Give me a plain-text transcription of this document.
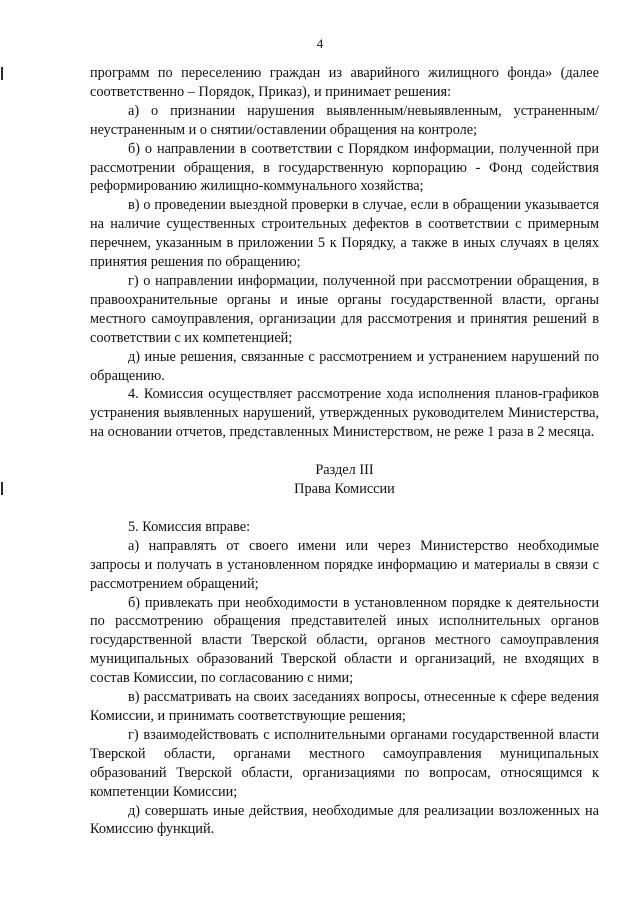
4

программ по переселению граждан из аварийного жилищного фонда» (далее соответственно – Порядок, Приказ), и принимает решения:

а) о признании нарушения выявленным/невыявленным, устраненным/неустраненным и о снятии/оставлении обращения на контроле;

б) о направлении в соответствии с Порядком информации, полученной при рассмотрении обращения, в государственную корпорацию - Фонд содействия реформированию жилищно-коммунального хозяйства;

в) о проведении выездной проверки в случае, если в обращении указывается на наличие существенных строительных дефектов в соответствии с примерным перечнем, указанным в приложении 5 к Порядку, а также в иных случаях в целях принятия решения по обращению;

г) о направлении информации, полученной при рассмотрении обращения, в правоохранительные органы и иные органы государственной власти, органы местного самоуправления, организации для рассмотрения и принятия решений в соответствии с их компетенцией;

д) иные решения, связанные с рассмотрением и устранением нарушений по обращению.

4. Комиссия осуществляет рассмотрение хода исполнения планов-графиков устранения выявленных нарушений, утвержденных руководителем Министерства, на основании отчетов, представленных Министерством, не реже 1 раза в 2 месяца.

Раздел III

Права Комиссии

5. Комиссия вправе:

а) направлять от своего имени или через Министерство необходимые запросы и получать в установленном порядке информацию и материалы в связи с рассмотрением обращений;

б) привлекать при необходимости в установленном порядке к деятельности по рассмотрению обращения представителей иных исполнительных органов государственной власти Тверской области, органов местного самоуправления муниципальных образований Тверской области и организаций, не входящих в состав Комиссии, по согласованию с ними;

в) рассматривать на своих заседаниях вопросы, отнесенные к сфере ведения Комиссии, и принимать соответствующие решения;

г) взаимодействовать с исполнительными органами государственной власти Тверской области, органами местного самоуправления муниципальных образований Тверской области, организациями по вопросам, относящимся к компетенции Комиссии;

д) совершать иные действия, необходимые для реализации возложенных на Комиссию функций.
